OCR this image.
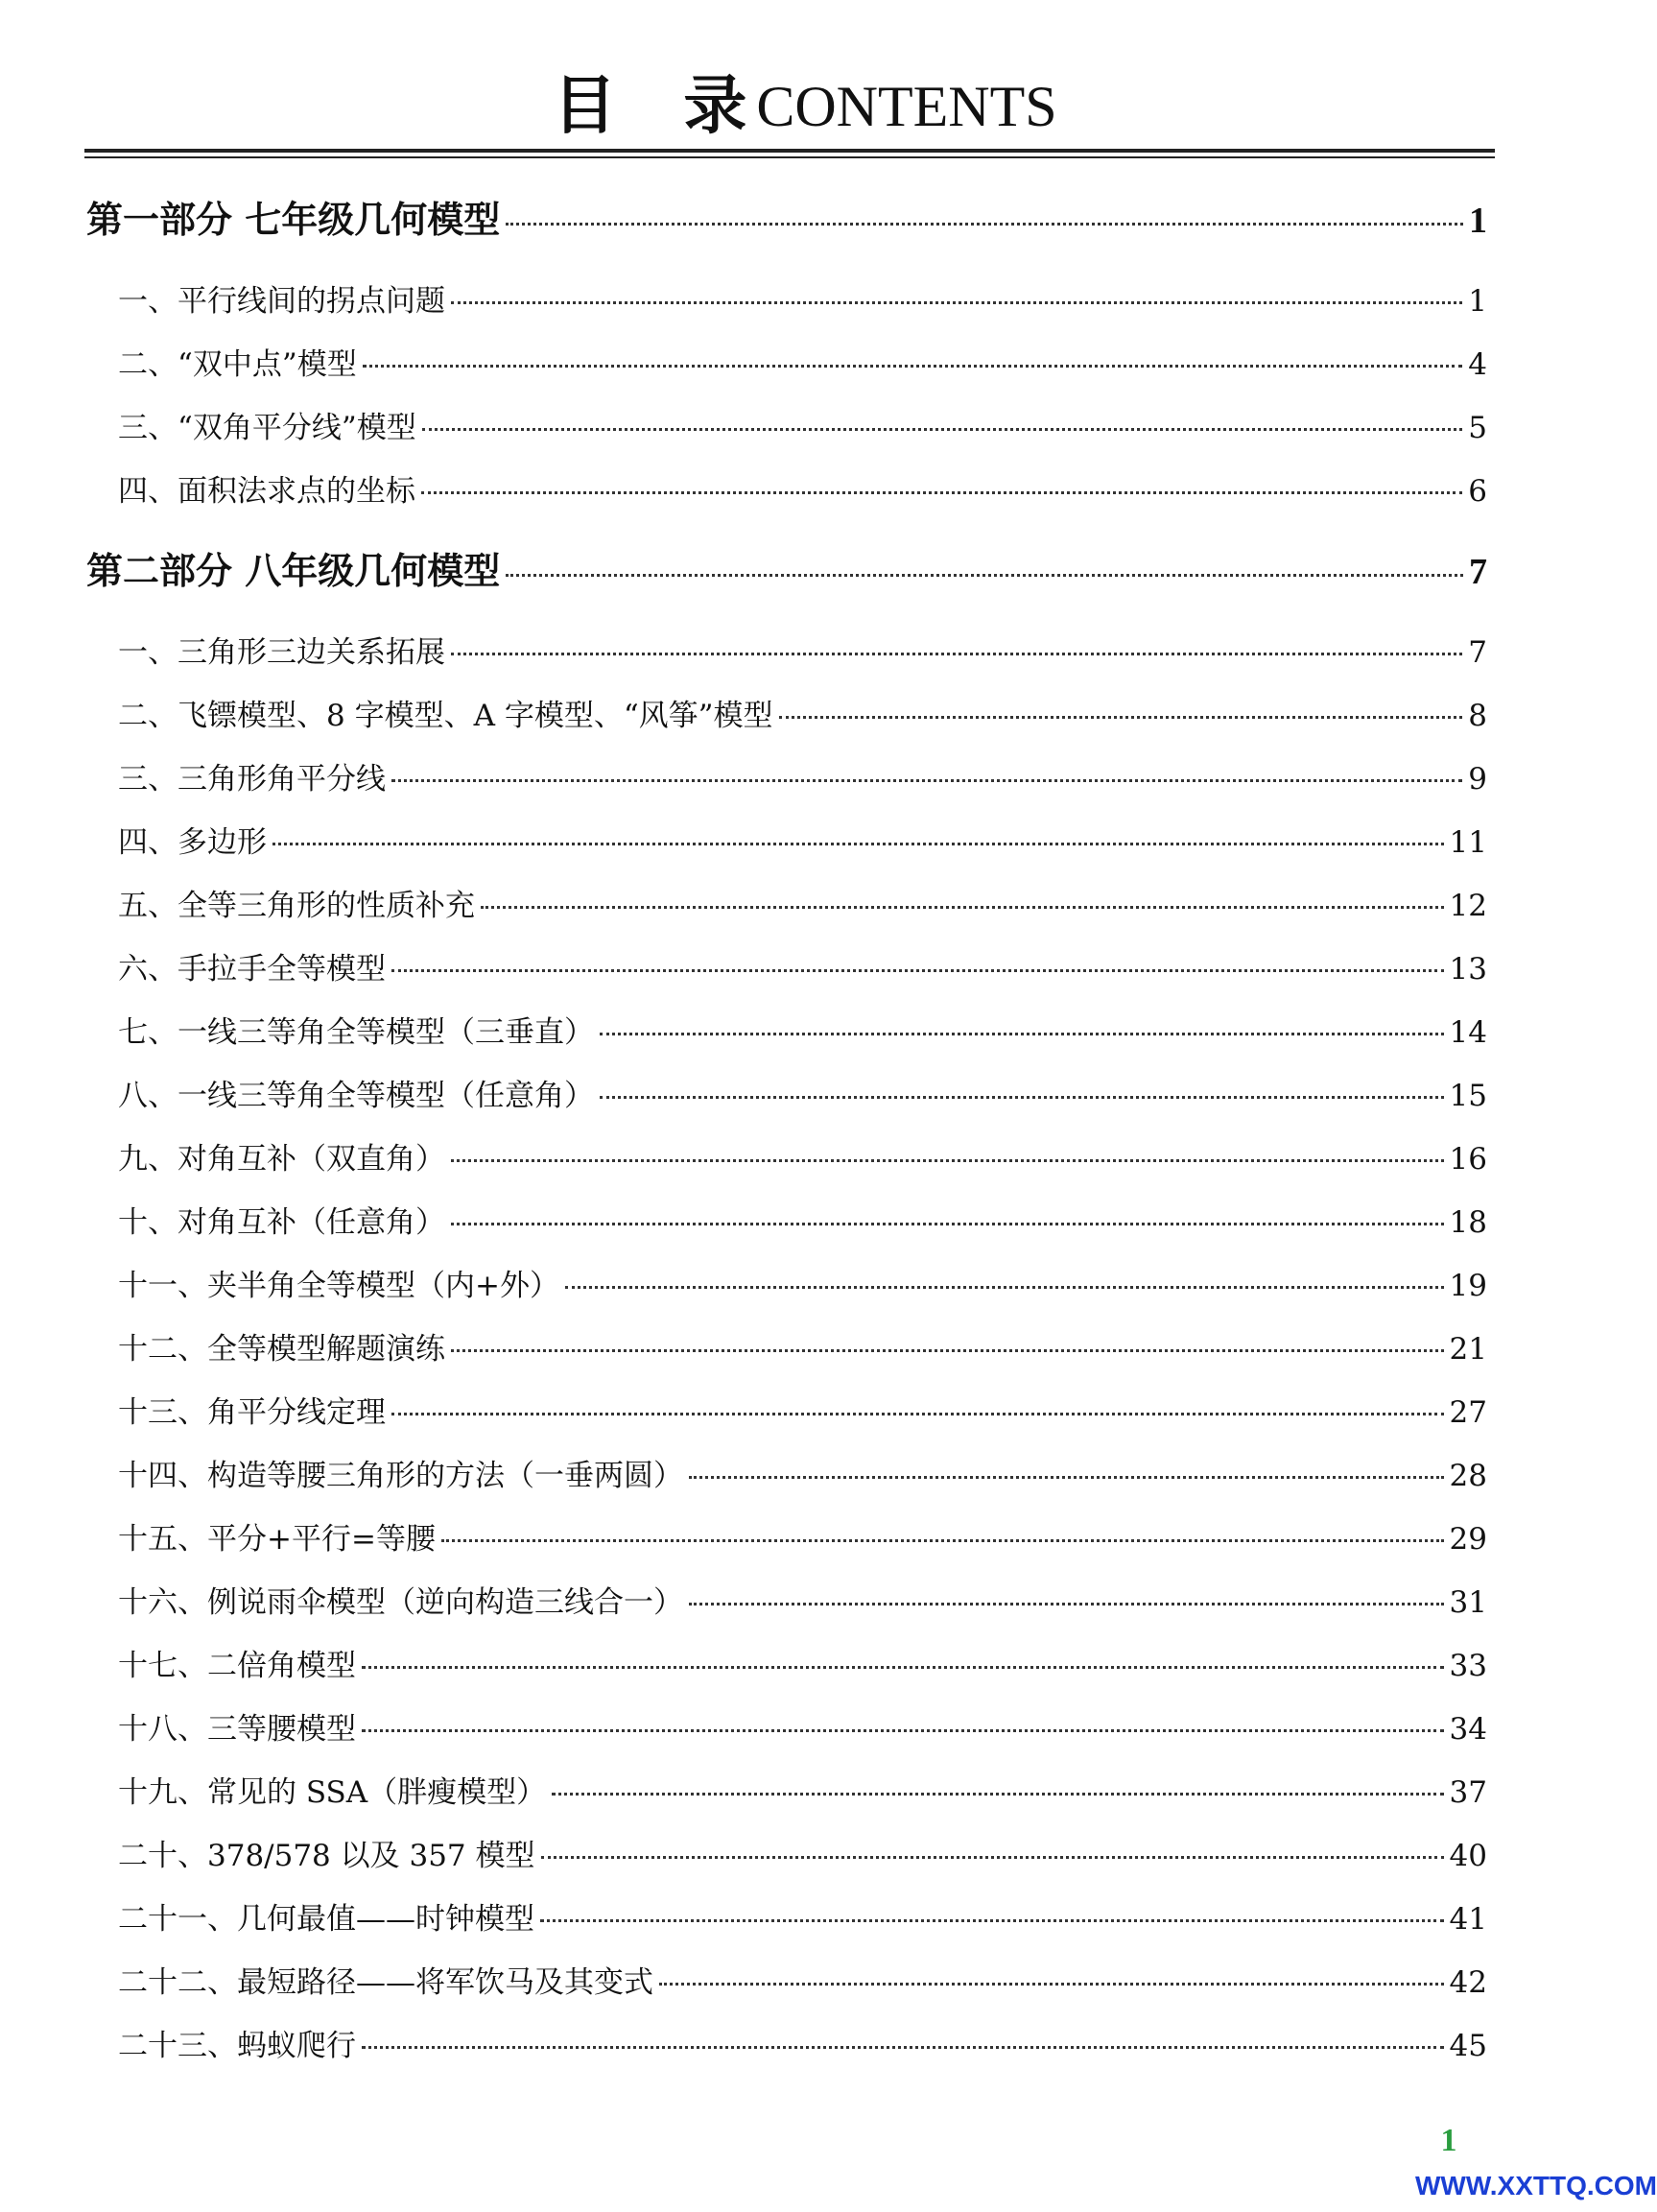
目录CONTENTS
第一部分 七年级几何模型	1
一、平行线间的拐点问题	1
二、“双中点”模型	4
三、“双角平分线”模型	5
四、面积法求点的坐标	6
第二部分 八年级几何模型	7
一、三角形三边关系拓展	7
二、飞镖模型、8 字模型、A 字模型、“风筝”模型	8
三、三角形角平分线	9
四、多边形	11
五、全等三角形的性质补充	12
六、手拉手全等模型	13
七、一线三等角全等模型（三垂直）	14
八、一线三等角全等模型（任意角）	15
九、对角互补（双直角）	16
十、对角互补（任意角）	18
十一、夹半角全等模型（内+外）	19
十二、全等模型解题演练	21
十三、角平分线定理	27
十四、构造等腰三角形的方法（一垂两圆）	28
十五、平分+平行=等腰	29
十六、例说雨伞模型（逆向构造三线合一）	31
十七、二倍角模型	33
十八、三等腰模型	34
十九、常见的 SSA（胖瘦模型）	37
二十、378/578 以及 357 模型	40
二十一、几何最值——时钟模型	41
二十二、最短路径——将军饮马及其变式	42
二十三、蚂蚁爬行	45
1
WWW.XXTTQ.COM
